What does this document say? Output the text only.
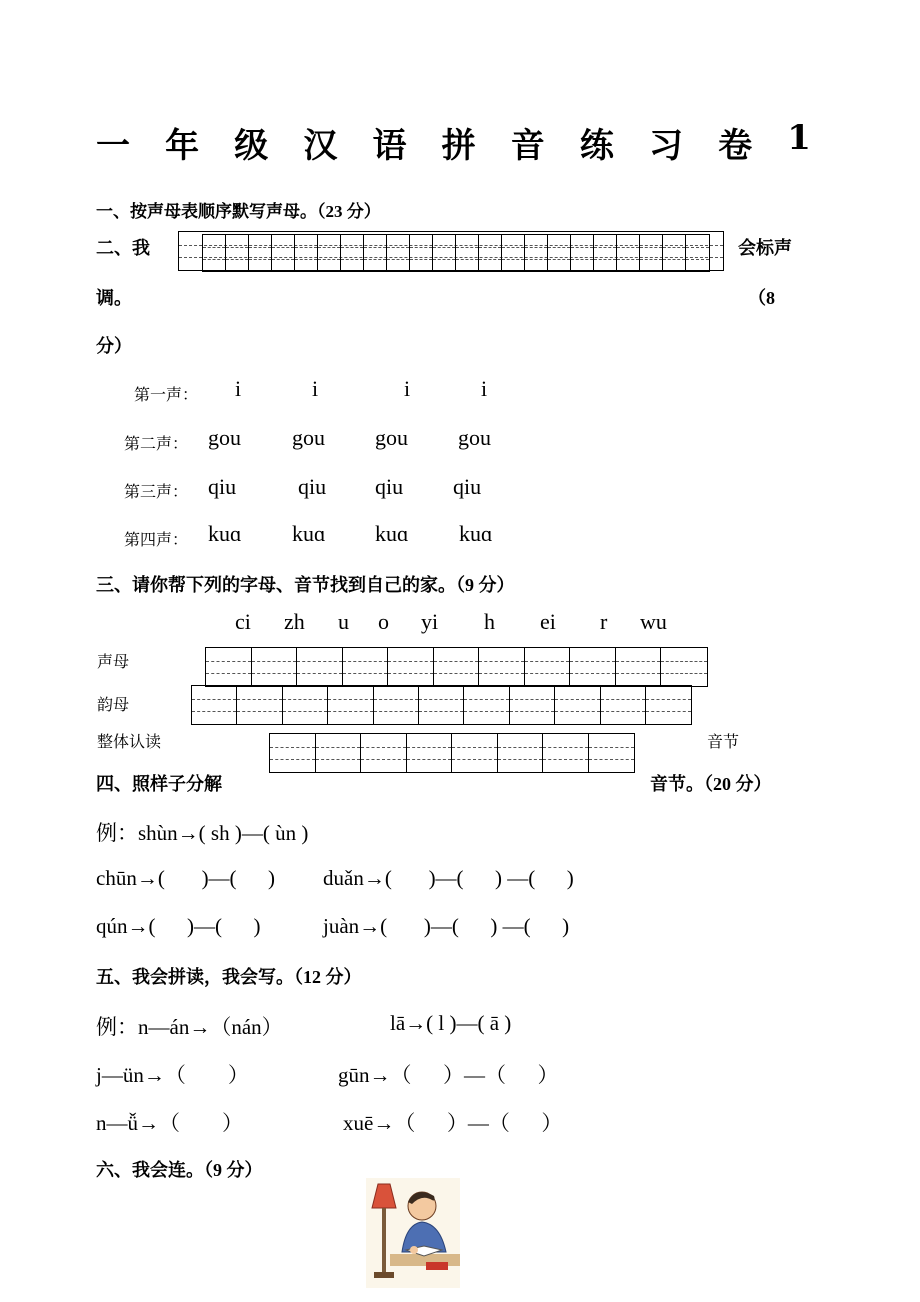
一 年 级 汉 语 拼 音 练 习 卷 1
一、按声母表顺序默写声母。（23 分）
二、我	会标声
调。	（8
分）
第一声： i	i	i	i
第二声： gou gou gou gou
第三声： qiu	qiu qiu qiu
第四声： kuɑ kuɑ kuɑ kuɑ
三、请你帮下列的字母、音节找到自己的家。（9 分）
ci zh u o yi h ei r wu
声母
韵母
整体认读	音节
四、照样子分解	音节。（20 分）
例：shùn→( sh )—( ùn )
chūn→(       )—(      ) duǎn→(       )—(      ) —(      )
qún→(      )—(      )	juàn→(       )—(      ) —(      )
五、我会拼读，我会写。（12 分）
例：n—án→（nán）	lā→( l )—( ā )
j—ün→（        ）	gūn→（      ）—（      ）
n—ǚ→（        ）	xuē→（      ）—（      ）
六、我会连。（9 分）
